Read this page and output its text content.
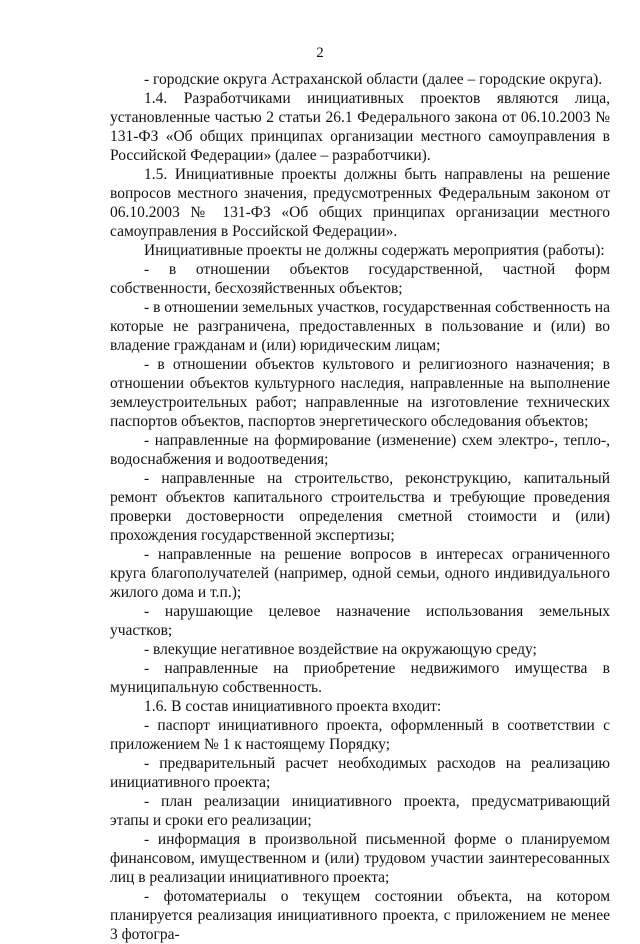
2

- городские округа Астраханской области (далее – городские округа).

1.4. Разработчиками инициативных проектов являются лица, установленные частью 2 статьи 26.1 Федерального закона от 06.10.2003 № 131-ФЗ «Об общих принципах организации местного самоуправления в Российской Федерации» (далее – разработчики).

1.5. Инициативные проекты должны быть направлены на решение вопросов местного значения, предусмотренных Федеральным законом от 06.10.2003 № 131-ФЗ «Об общих принципах организации местного самоуправления в Российской Федерации».

Инициативные проекты не должны содержать мероприятия (работы):

- в отношении объектов государственной, частной форм собственности, бесхозяйственных объектов;

- в отношении земельных участков, государственная собственность на которые не разграничена, предоставленных в пользование и (или) во владение гражданам и (или) юридическим лицам;

- в отношении объектов культового и религиозного назначения; в отношении объектов культурного наследия, направленные на выполнение землеустроительных работ; направленные на изготовление технических паспортов объектов, паспортов энергетического обследования объектов;

- направленные на формирование (изменение) схем электро-, тепло-, водоснабжения и водоотведения;

- направленные на строительство, реконструкцию, капитальный ремонт объектов капитального строительства и требующие проведения проверки достоверности определения сметной стоимости и (или) прохождения государственной экспертизы;

- направленные на решение вопросов в интересах ограниченного круга благополучателей (например, одной семьи, одного индивидуального жилого дома и т.п.);

- нарушающие целевое назначение использования земельных участков;

- влекущие негативное воздействие на окружающую среду;

- направленные на приобретение недвижимого имущества в муниципальную собственность.

1.6. В состав инициативного проекта входит:

- паспорт инициативного проекта, оформленный в соответствии с приложением № 1 к настоящему Порядку;

- предварительный расчет необходимых расходов на реализацию инициативного проекта;

- план реализации инициативного проекта, предусматривающий этапы и сроки его реализации;

- информация в произвольной письменной форме о планируемом финансовом, имущественном и (или) трудовом участии заинтересованных лиц в реализации инициативного проекта;

- фотоматериалы о текущем состоянии объекта, на котором планируется реализация инициативного проекта, с приложением не менее 3 фотогра-
